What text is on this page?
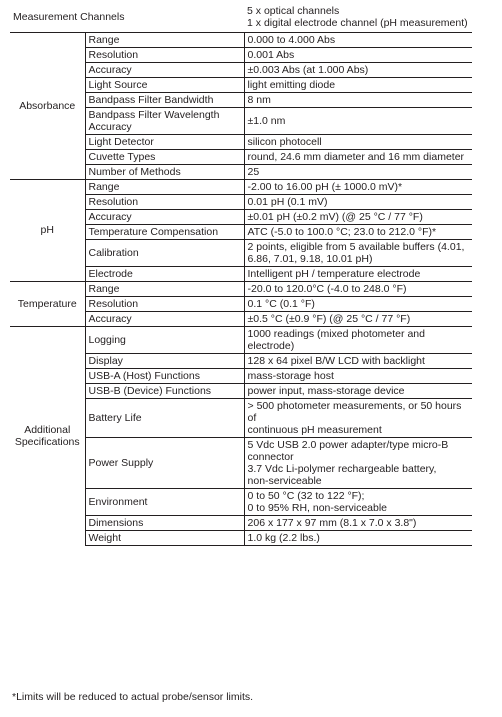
Measurement Channels		5 x optical channels
1 x digital electrode channel (pH measurement)
Absorbance	Range	0.000 to 4.000 Abs
	Resolution	0.001 Abs
	Accuracy	±0.003 Abs (at 1.000 Abs)
	Light Source	light emitting diode
	Bandpass Filter Bandwidth	8 nm
	Bandpass Filter Wavelength Accuracy	±1.0 nm
	Light Detector	silicon photocell
	Cuvette Types	round, 24.6 mm diameter and 16 mm diameter
	Number of Methods	25
pH	Range	-2.00 to 16.00 pH (± 1000.0 mV)*
	Resolution	0.01 pH (0.1 mV)
	Accuracy	±0.01 pH (±0.2 mV) (@ 25 °C / 77 °F)
	Temperature Compensation	ATC (-5.0 to 100.0 °C; 23.0 to 212.0 °F)*
	Calibration	2 points, eligible from 5 available buffers (4.01,
6.86, 7.01, 9.18, 10.01 pH)
	Electrode	Intelligent pH / temperature electrode
Temperature	Range	-20.0 to 120.0°C (-4.0 to 248.0 °F)
	Resolution	0.1 °C (0.1 °F)
	Accuracy	±0.5 °C (±0.9 °F) (@ 25 °C / 77 °F)
Additional
Specifications	Logging	1000 readings (mixed photometer and electrode)
	Display	128 x 64 pixel B/W LCD with backlight
	USB-A (Host) Functions	mass-storage host
	USB-B (Device) Functions	power input, mass-storage device
	Battery Life	> 500 photometer measurements, or 50 hours of
continuous pH measurement
	Power Supply	5 Vdc USB 2.0 power adapter/type micro-B connector
3.7 Vdc Li-polymer rechargeable battery,
non-serviceable
	Environment	0 to 50 °C (32 to 122 °F);
0 to 95% RH, non-serviceable
	Dimensions	206 x 177 x 97 mm (8.1 x 7.0 x 3.8")
	Weight	1.0 kg (2.2 lbs.)
*Limits will be reduced to actual probe/sensor limits.
